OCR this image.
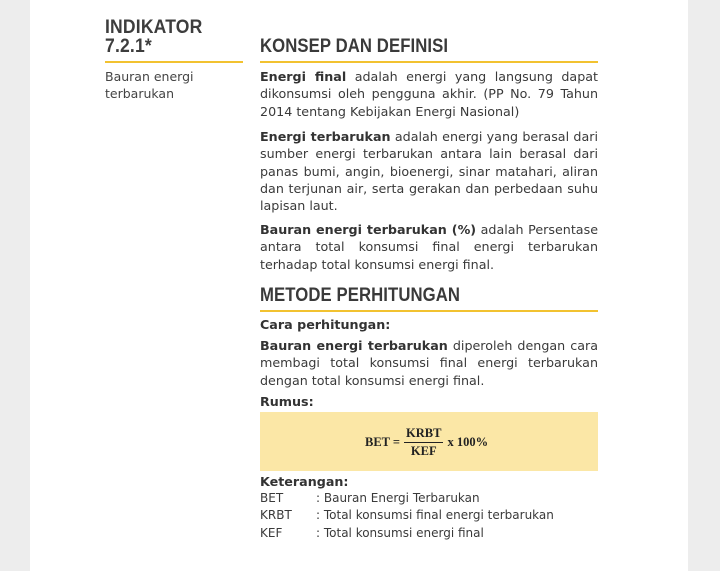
INDIKATOR
7.2.1*
Bauran energi terbarukan
KONSEP DAN DEFINISI
Energi final adalah energi yang langsung dapat dikonsumsi oleh pengguna akhir. (PP No. 79 Tahun 2014 tentang Kebijakan Energi Nasional)
Energi terbarukan adalah energi yang berasal dari sumber energi terbarukan antara lain berasal dari panas bumi, angin, bioenergi, sinar matahari, aliran dan terjunan air, serta gerakan dan perbedaan suhu lapisan laut.
Bauran energi terbarukan (%) adalah Persentase antara total konsumsi final energi terbarukan terhadap total konsumsi energi final.
METODE PERHITUNGAN
Cara perhitungan:
Bauran energi terbarukan diperoleh dengan cara membagi total konsumsi final energi terbarukan dengan total konsumsi energi final.
Rumus:
BET = $\frac{\text{KRBT}}{\text{KEF}}$ x 100%
Keterangan:
BET	: Bauran Energi Terbarukan
KRBT	: Total konsumsi final energi terbarukan
KEF	: Total konsumsi energi final
